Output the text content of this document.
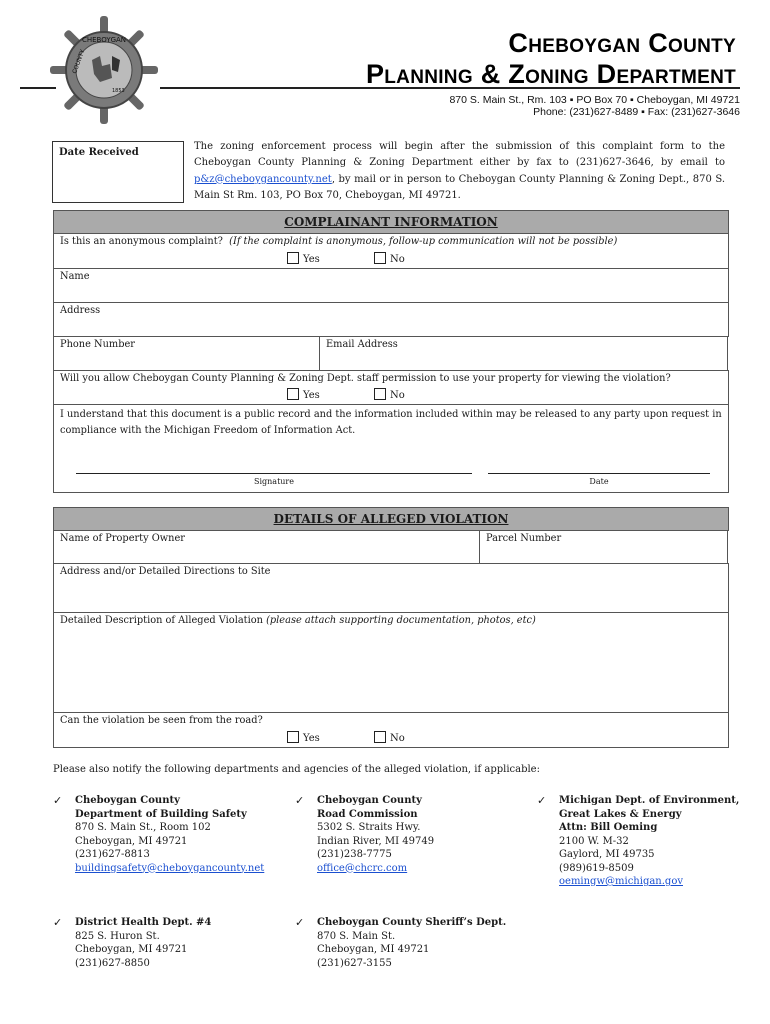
CHEBOYGAN
COUNTY
1853
Cheboygan County
Planning & Zoning Department
870 S. Main St., Rm. 103 ▪ PO Box 70 ▪ Cheboygan, MI 49721
Phone: (231)627-8489 ▪ Fax: (231)627-3646
Date Received
The zoning enforcement process will begin after the submission of this complaint form to the Cheboygan County Planning & Zoning Department either by fax to (231)627-3646, by email to p&z@cheboygancounty.net, by mail or in person to Cheboygan County Planning & Zoning Dept., 870 S. Main St Rm. 103, PO Box 70, Cheboygan, MI 49721.
COMPLAINANT INFORMATION
Is this an anonymous complaint? (If the complaint is anonymous, follow-up communication will not be possible)
Yes	No
Name
Address
Phone Number	Email Address
Will you allow Cheboygan County Planning & Zoning Dept. staff permission to use your property for viewing the violation?
Yes	No
I understand that this document is a public record and the information included within may be released to any party upon request in compliance with the Michigan Freedom of Information Act.
Signature	Date
DETAILS OF ALLEGED VIOLATION
Name of Property Owner	Parcel Number
Address and/or Detailed Directions to Site
Detailed Description of Alleged Violation (please attach supporting documentation, photos, etc)
Can the violation be seen from the road?
Yes	No
Please also notify the following departments and agencies of the alleged violation, if applicable:
✓ Cheboygan County
Department of Building Safety
870 S. Main St., Room 102
Cheboygan, MI 49721
(231)627-8813
buildingsafety@cheboygancounty.net
✓ Cheboygan County
Road Commission
5302 S. Straits Hwy.
Indian River, MI 49749
(231)238-7775
office@chcrc.com
✓ Michigan Dept. of Environment,
Great Lakes & Energy
Attn: Bill Oeming
2100 W. M-32
Gaylord, MI 49735
(989)619-8509
oemingw@michigan.gov
✓ District Health Dept. #4
825 S. Huron St.
Cheboygan, MI 49721
(231)627-8850
✓ Cheboygan County Sheriff’s Dept.
870 S. Main St.
Cheboygan, MI 49721
(231)627-3155
